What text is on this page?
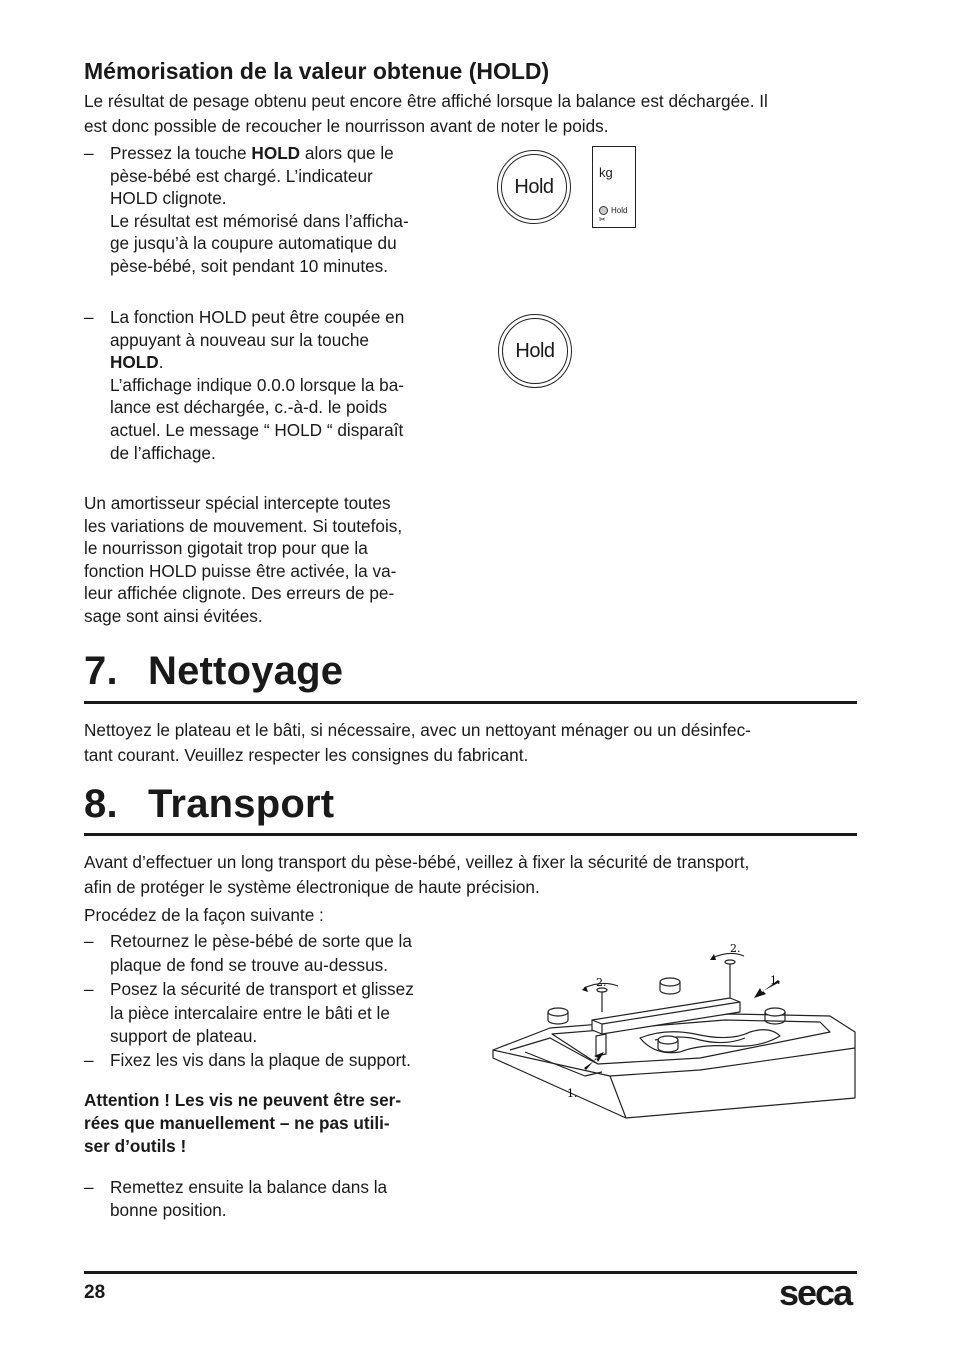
Mémorisation de la valeur obtenue (HOLD)
Le résultat de pesage obtenu peut encore être affiché lorsque la balance est déchargée. Il
est donc possible de recoucher le nourrisson avant de noter le poids.
– Pressez la touche HOLD alors que le
pèse-bébé est chargé. L’indicateur
HOLD clignote.
Le résultat est mémorisé dans l’afficha-
ge jusqu’à la coupure automatique du
pèse-bébé, soit pendant 10 minutes.
Hold
kg
Hold
✂
– La fonction HOLD peut être coupée en
appuyant à nouveau sur la touche
HOLD.
L’affichage indique 0.0.0 lorsque la ba-
lance est déchargée, c.-à-d. le poids
actuel. Le message “ HOLD “ disparaît
de l’affichage.
Hold
Un amortisseur spécial intercepte toutes
les variations de mouvement. Si toutefois,
le nourrisson gigotait trop pour que la
fonction HOLD puisse être activée, la va-
leur affichée clignote. Des erreurs de pe-
sage sont ainsi évitées.
7. Nettoyage
Nettoyez le plateau et le bâti, si nécessaire, avec un nettoyant ménager ou un désinfec-
tant courant. Veuillez respecter les consignes du fabricant.
8. Transport
Avant d’effectuer un long transport du pèse-bébé, veillez à fixer la sécurité de transport,
afin de protéger le système électronique de haute précision.
Procédez de la façon suivante :
– Retournez le pèse-bébé de sorte que la
plaque de fond se trouve au-dessus.
– Posez la sécurité de transport et glissez
la pièce intercalaire entre le bâti et le
support de plateau.
– Fixez les vis dans la plaque de support.
Attention ! Les vis ne peuvent être ser-
rées que manuellement – ne pas utili-
ser d’outils !
– Remettez ensuite la balance dans la
bonne position.
2.
2.	1.
1.
28	seca
